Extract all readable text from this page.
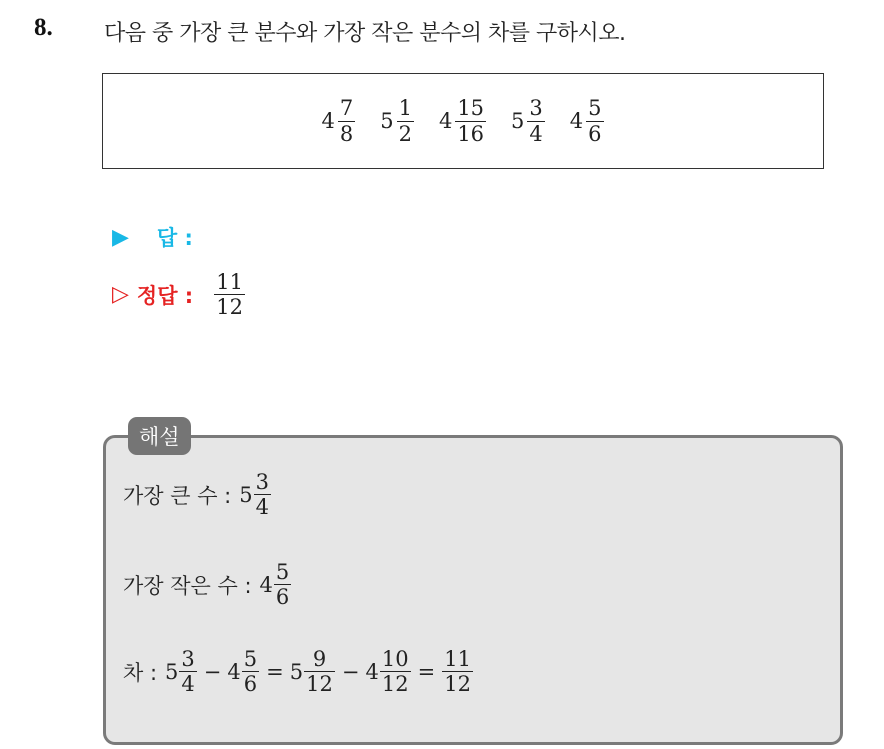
8. 다음 중 가장 큰 분수와 가장 작은 분수의 차를 구하시오.
$4 \frac{7}{8} 5 \frac{1}{2} 4 \frac{15}{16} 5 \frac{3}{4} 4 \frac{5}{6}$
▶ 답 :
▷ 정답 : $\frac{11}{12}$
해설
가장 큰 수 : $5 \frac{3}{4}$
가장 작은 수 : $4 \frac{5}{6}$
차 : $5 \frac{3}{4} - 4 \frac{5}{6} = 5 \frac{9}{12} - 4 \frac{10}{12} = \frac{11}{12}$
